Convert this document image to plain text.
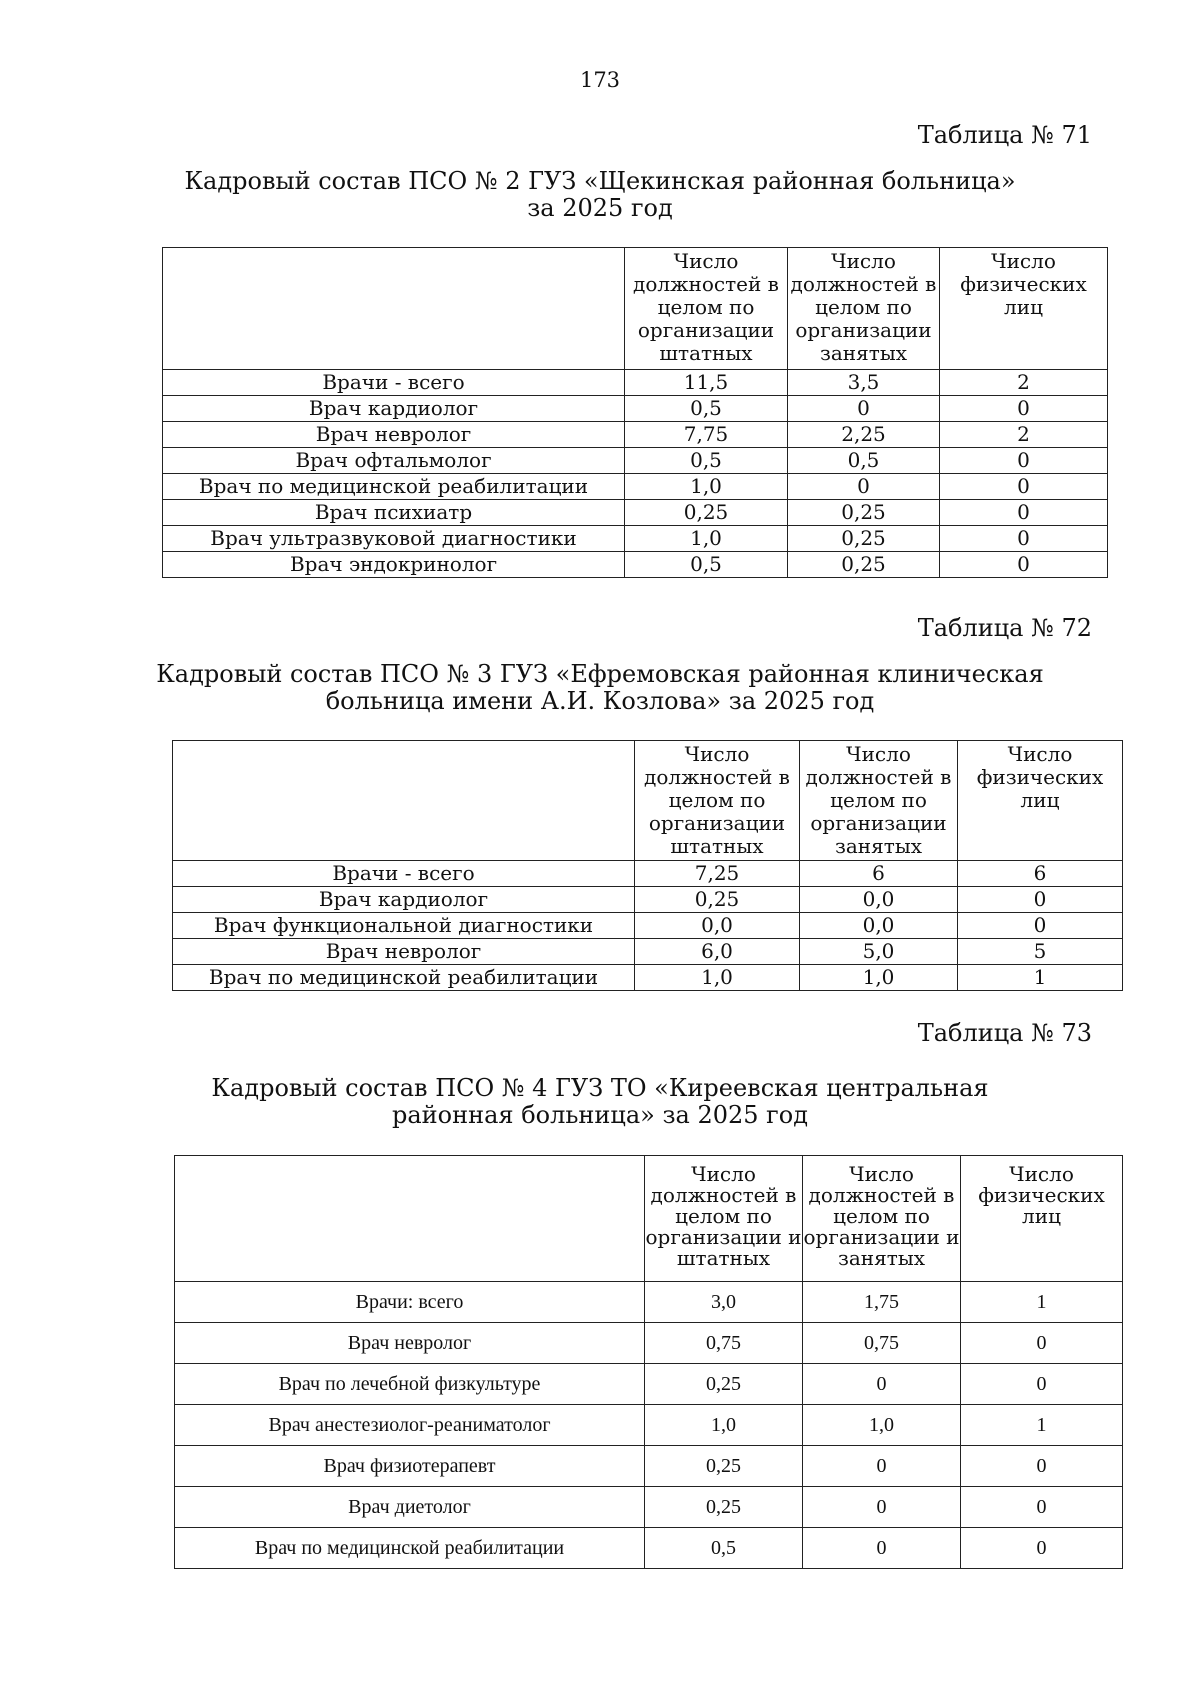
173
Таблица № 71
Кадровый состав ПСО № 2 ГУЗ «Щекинская районная больница»
за 2025 год
	Число должностей в целом по организации штатных	Число должностей в целом по организации занятых	Число физических лиц
Врачи - всего	11,5	3,5	2
Врач кардиолог	0,5	0	0
Врач невролог	7,75	2,25	2
Врач офтальмолог	0,5	0,5	0
Врач по медицинской реабилитации	1,0	0	0
Врач психиатр	0,25	0,25	0
Врач ультразвуковой диагностики	1,0	0,25	0
Врач эндокринолог	0,5	0,25	0
Таблица № 72
Кадровый состав ПСО № 3 ГУЗ «Ефремовская районная клиническая
больница имени А.И. Козлова» за 2025 год
	Число должностей в целом по организации штатных	Число должностей в целом по организации занятых	Число физических лиц
Врачи - всего	7,25	6	6
Врач кардиолог	0,25	0,0	0
Врач функциональной диагностики	0,0	0,0	0
Врач невролог	6,0	5,0	5
Врач по медицинской реабилитации	1,0	1,0	1
Таблица № 73
Кадровый состав ПСО № 4 ГУЗ ТО «Киреевская центральная
районная больница» за 2025 год
	Число должностей в целом по организации и штатных	Число должностей в целом по организации и занятых	Число физических лиц
Врачи: всего	3,0	1,75	1
Врач невролог	0,75	0,75	0
Врач по лечебной физкультуре	0,25	0	0
Врач анестезиолог-реаниматолог	1,0	1,0	1
Врач физиотерапевт	0,25	0	0
Врач диетолог	0,25	0	0
Врач по медицинской реабилитации	0,5	0	0
